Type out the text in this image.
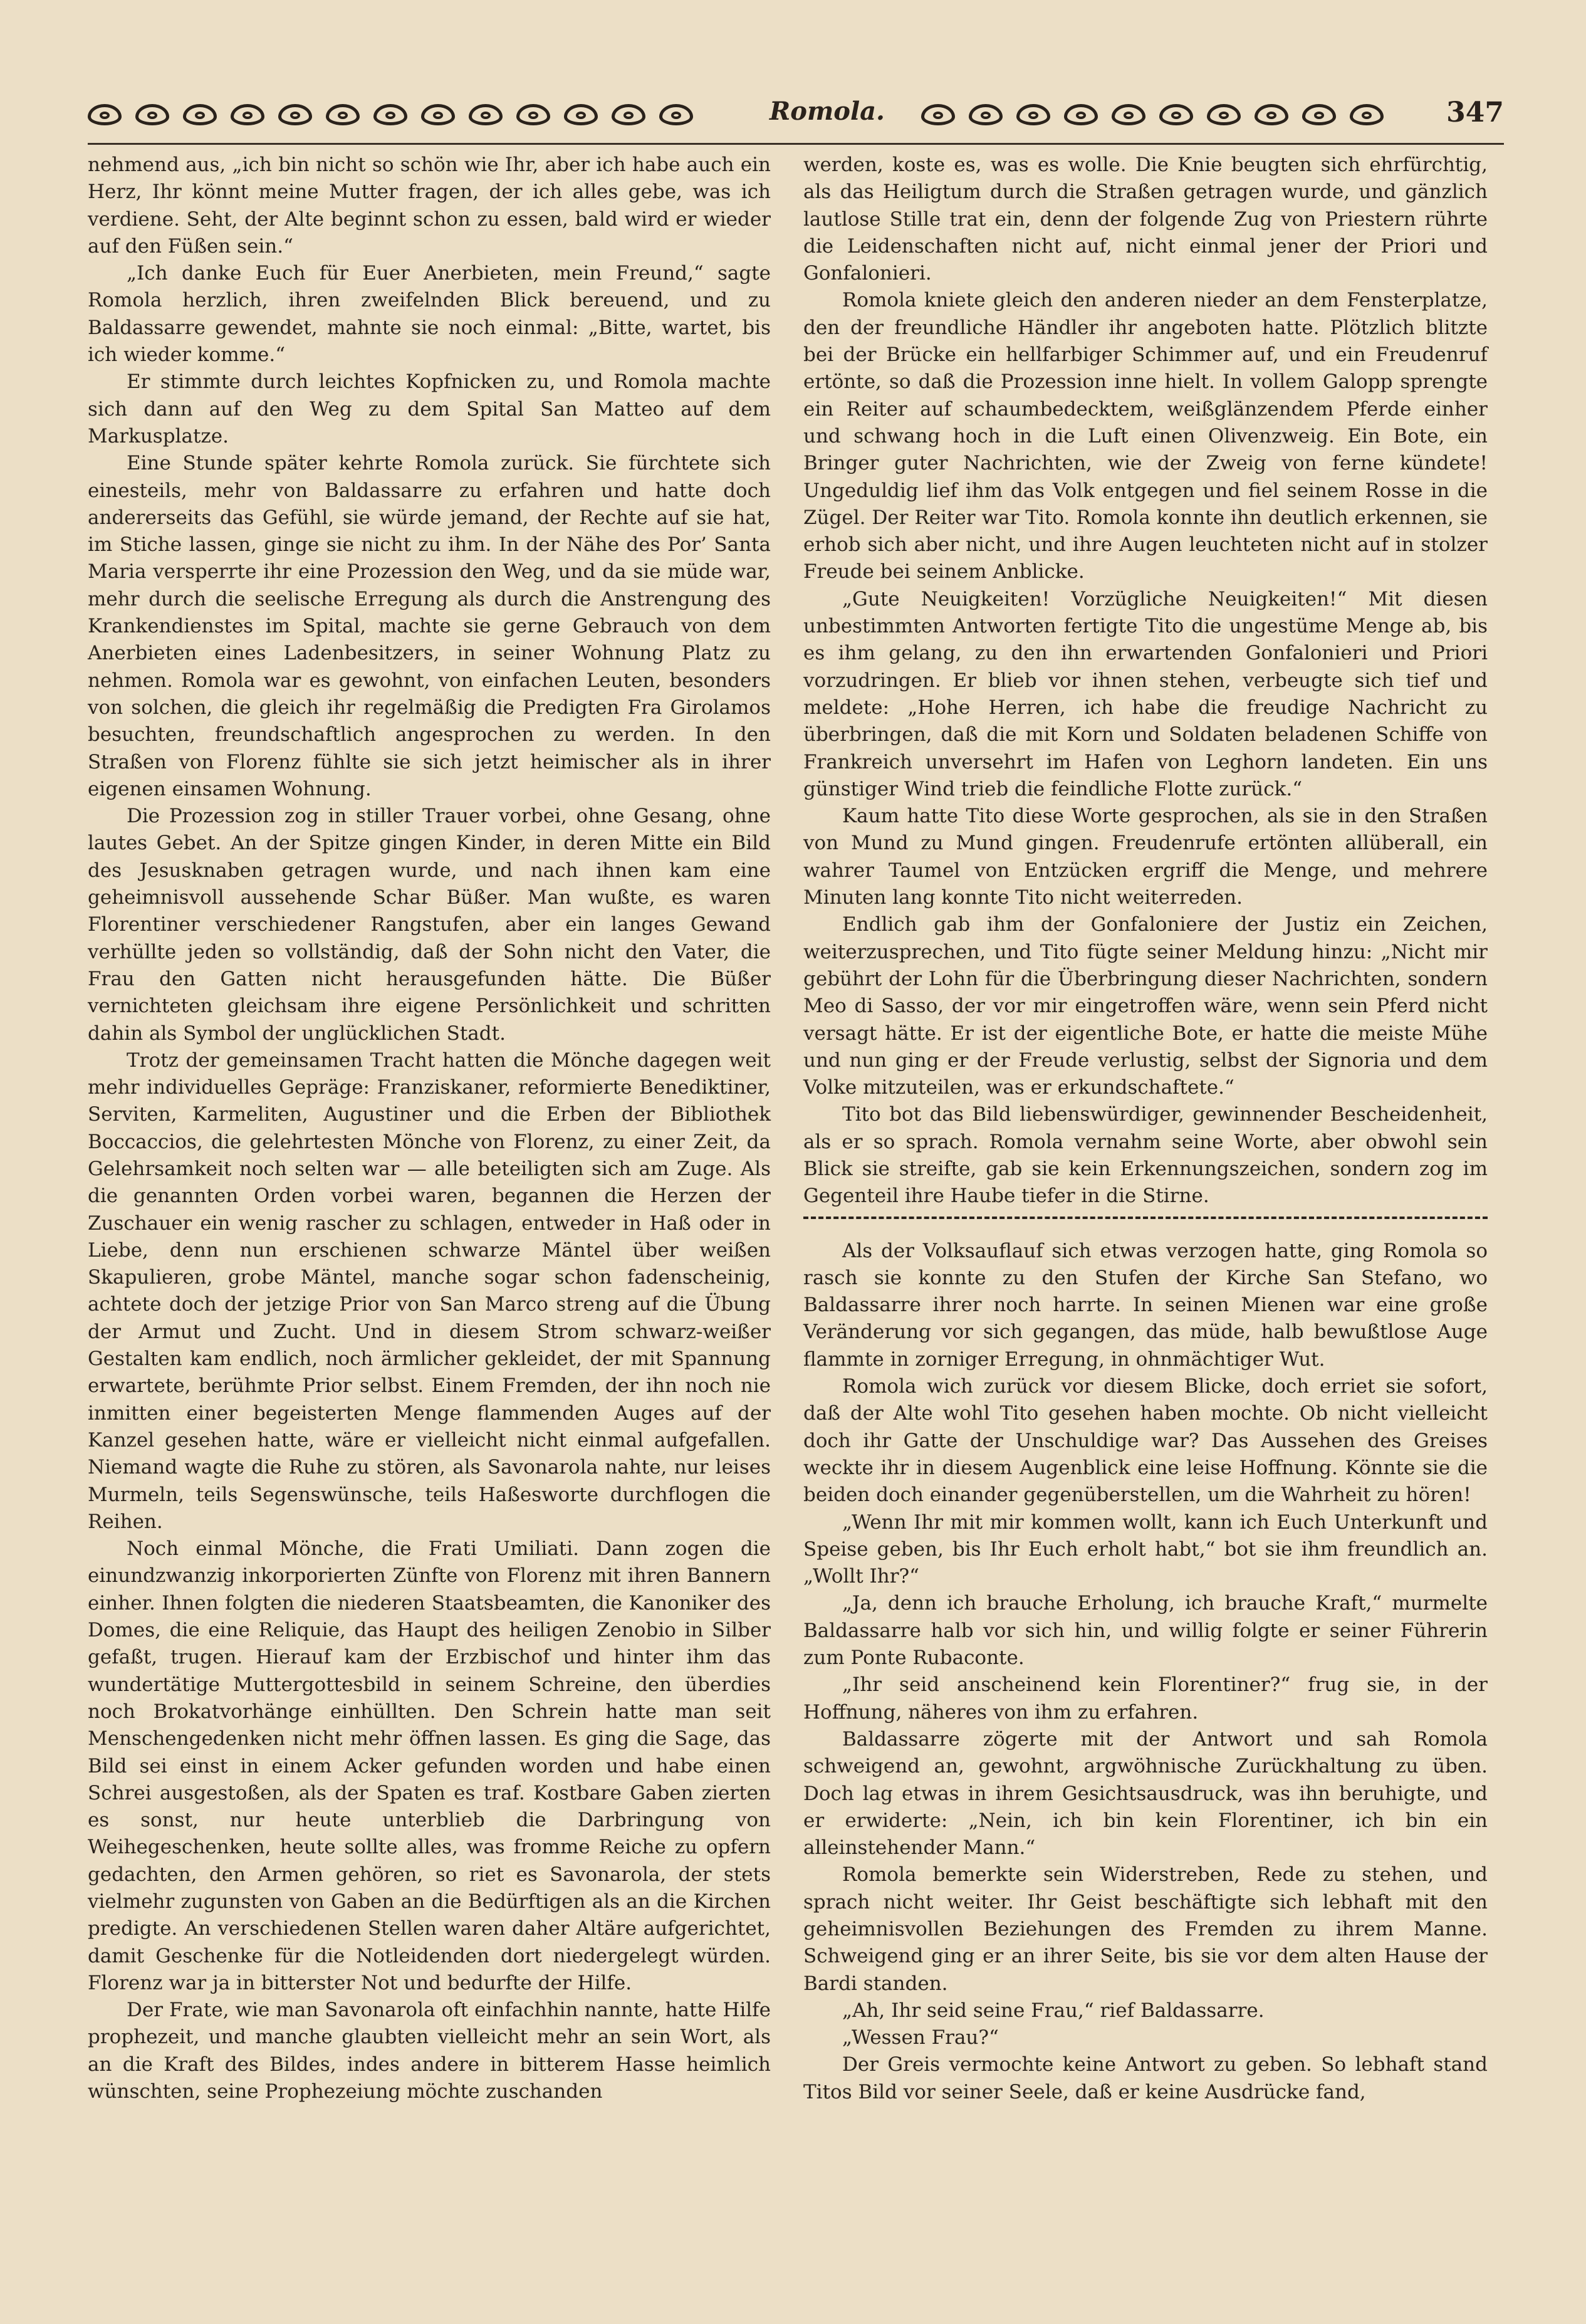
Romola.	347

nehmend aus, „ich bin nicht so schön wie Ihr, aber ich habe auch ein Herz, Ihr könnt meine Mutter fragen, der ich alles gebe, was ich verdiene. Seht, der Alte beginnt schon zu essen, bald wird er wieder auf den Füßen sein.“

„Ich danke Euch für Euer Anerbieten, mein Freund,“ sagte Romola herzlich, ihren zweifelnden Blick bereuend, und zu Baldassarre gewendet, mahnte sie noch einmal: „Bitte, wartet, bis ich wieder komme.“

Er stimmte durch leichtes Kopfnicken zu, und Romola machte sich dann auf den Weg zu dem Spital San Matteo auf dem Markusplatze.

Eine Stunde später kehrte Romola zurück. Sie fürchtete sich einesteils, mehr von Baldassarre zu erfahren und hatte doch andererseits das Gefühl, sie würde jemand, der Rechte auf sie hat, im Stiche lassen, ginge sie nicht zu ihm. In der Nähe des Por’ Santa Maria versperrte ihr eine Prozession den Weg, und da sie müde war, mehr durch die seelische Erregung als durch die Anstrengung des Krankendienstes im Spital, machte sie gerne Gebrauch von dem Anerbieten eines Ladenbesitzers, in seiner Wohnung Platz zu nehmen. Romola war es gewohnt, von einfachen Leuten, besonders von solchen, die gleich ihr regelmäßig die Predigten Fra Girolamos besuchten, freundschaftlich angesprochen zu werden. In den Straßen von Florenz fühlte sie sich jetzt heimischer als in ihrer eigenen einsamen Wohnung.

Die Prozession zog in stiller Trauer vorbei, ohne Gesang, ohne lautes Gebet. An der Spitze gingen Kinder, in deren Mitte ein Bild des Jesusknaben getragen wurde, und nach ihnen kam eine geheimnisvoll aussehende Schar Büßer. Man wußte, es waren Florentiner verschiedener Rangstufen, aber ein langes Gewand verhüllte jeden so vollständig, daß der Sohn nicht den Vater, die Frau den Gatten nicht herausgefunden hätte. Die Büßer vernichteten gleichsam ihre eigene Persönlichkeit und schritten dahin als Symbol der unglücklichen Stadt.

Trotz der gemeinsamen Tracht hatten die Mönche dagegen weit mehr individuelles Gepräge: Franziskaner, reformierte Benediktiner, Serviten, Karmeliten, Augustiner und die Erben der Bibliothek Boccaccios, die gelehrtesten Mönche von Florenz, zu einer Zeit, da Gelehrsamkeit noch selten war — alle beteiligten sich am Zuge. Als die genannten Orden vorbei waren, begannen die Herzen der Zuschauer ein wenig rascher zu schlagen, entweder in Haß oder in Liebe, denn nun erschienen schwarze Mäntel über weißen Skapulieren, grobe Mäntel, manche sogar schon fadenscheinig, achtete doch der jetzige Prior von San Marco streng auf die Übung der Armut und Zucht. Und in diesem Strom schwarz-weißer Gestalten kam endlich, noch ärmlicher gekleidet, der mit Spannung erwartete, berühmte Prior selbst. Einem Fremden, der ihn noch nie inmitten einer begeisterten Menge flammenden Auges auf der Kanzel gesehen hatte, wäre er vielleicht nicht einmal aufgefallen. Niemand wagte die Ruhe zu stören, als Savonarola nahte, nur leises Murmeln, teils Segenswünsche, teils Haßesworte durchflogen die Reihen.

Noch einmal Mönche, die Frati Umiliati. Dann zogen die einundzwanzig inkorporierten Zünfte von Florenz mit ihren Bannern einher. Ihnen folgten die niederen Staatsbeamten, die Kanoniker des Domes, die eine Reliquie, das Haupt des heiligen Zenobio in Silber gefaßt, trugen. Hierauf kam der Erzbischof und hinter ihm das wundertätige Muttergottesbild in seinem Schreine, den überdies noch Brokatvorhänge einhüllten. Den Schrein hatte man seit Menschengedenken nicht mehr öffnen lassen. Es ging die Sage, das Bild sei einst in einem Acker gefunden worden und habe einen Schrei ausgestoßen, als der Spaten es traf. Kostbare Gaben zierten es sonst, nur heute unterblieb die Darbringung von Weihegeschenken, heute sollte alles, was fromme Reiche zu opfern gedachten, den Armen gehören, so riet es Savonarola, der stets vielmehr zugunsten von Gaben an die Bedürftigen als an die Kirchen predigte. An verschiedenen Stellen waren daher Altäre aufgerichtet, damit Geschenke für die Notleidenden dort niedergelegt würden. Florenz war ja in bitterster Not und bedurfte der Hilfe.

Der Frate, wie man Savonarola oft einfachhin nannte, hatte Hilfe prophezeit, und manche glaubten vielleicht mehr an sein Wort, als an die Kraft des Bildes, indes andere in bitterem Hasse heimlich wünschten, seine Prophezeiung möchte zuschanden

werden, koste es, was es wolle. Die Knie beugten sich ehrfürchtig, als das Heiligtum durch die Straßen getragen wurde, und gänzlich lautlose Stille trat ein, denn der folgende Zug von Priestern rührte die Leidenschaften nicht auf, nicht einmal jener der Priori und Gonfalonieri.

Romola kniete gleich den anderen nieder an dem Fensterplatze, den der freundliche Händler ihr angeboten hatte. Plötzlich blitzte bei der Brücke ein hellfarbiger Schimmer auf, und ein Freudenruf ertönte, so daß die Prozession inne hielt. In vollem Galopp sprengte ein Reiter auf schaumbedecktem, weißglänzendem Pferde einher und schwang hoch in die Luft einen Olivenzweig. Ein Bote, ein Bringer guter Nachrichten, wie der Zweig von ferne kündete! Ungeduldig lief ihm das Volk entgegen und fiel seinem Rosse in die Zügel. Der Reiter war Tito. Romola konnte ihn deutlich erkennen, sie erhob sich aber nicht, und ihre Augen leuchteten nicht auf in stolzer Freude bei seinem Anblicke.

„Gute Neuigkeiten! Vorzügliche Neuigkeiten!“ Mit diesen unbestimmten Antworten fertigte Tito die ungestüme Menge ab, bis es ihm gelang, zu den ihn erwartenden Gonfalonieri und Priori vorzudringen. Er blieb vor ihnen stehen, verbeugte sich tief und meldete: „Hohe Herren, ich habe die freudige Nachricht zu überbringen, daß die mit Korn und Soldaten beladenen Schiffe von Frankreich unversehrt im Hafen von Leghorn landeten. Ein uns günstiger Wind trieb die feindliche Flotte zurück.“

Kaum hatte Tito diese Worte gesprochen, als sie in den Straßen von Mund zu Mund gingen. Freudenrufe ertönten allüberall, ein wahrer Taumel von Entzücken ergriff die Menge, und mehrere Minuten lang konnte Tito nicht weiterreden.

Endlich gab ihm der Gonfaloniere der Justiz ein Zeichen, weiterzusprechen, und Tito fügte seiner Meldung hinzu: „Nicht mir gebührt der Lohn für die Überbringung dieser Nachrichten, sondern Meo di Sasso, der vor mir eingetroffen wäre, wenn sein Pferd nicht versagt hätte. Er ist der eigentliche Bote, er hatte die meiste Mühe und nun ging er der Freude verlustig, selbst der Signoria und dem Volke mitzuteilen, was er erkundschaftete.“

Tito bot das Bild liebenswürdiger, gewinnender Bescheidenheit, als er so sprach. Romola vernahm seine Worte, aber obwohl sein Blick sie streifte, gab sie kein Erkennungszeichen, sondern zog im Gegenteil ihre Haube tiefer in die Stirne.

Als der Volksauflauf sich etwas verzogen hatte, ging Romola so rasch sie konnte zu den Stufen der Kirche San Stefano, wo Baldassarre ihrer noch harrte. In seinen Mienen war eine große Veränderung vor sich gegangen, das müde, halb bewußtlose Auge flammte in zorniger Erregung, in ohnmächtiger Wut.

Romola wich zurück vor diesem Blicke, doch erriet sie sofort, daß der Alte wohl Tito gesehen haben mochte. Ob nicht vielleicht doch ihr Gatte der Unschuldige war? Das Aussehen des Greises weckte ihr in diesem Augenblick eine leise Hoffnung. Könnte sie die beiden doch einander gegenüberstellen, um die Wahrheit zu hören!

„Wenn Ihr mit mir kommen wollt, kann ich Euch Unterkunft und Speise geben, bis Ihr Euch erholt habt,“ bot sie ihm freundlich an. „Wollt Ihr?“

„Ja, denn ich brauche Erholung, ich brauche Kraft,“ murmelte Baldassarre halb vor sich hin, und willig folgte er seiner Führerin zum Ponte Rubaconte.

„Ihr seid anscheinend kein Florentiner?“ frug sie, in der Hoffnung, näheres von ihm zu erfahren.

Baldassarre zögerte mit der Antwort und sah Romola schweigend an, gewohnt, argwöhnische Zurückhaltung zu üben. Doch lag etwas in ihrem Gesichtsausdruck, was ihn beruhigte, und er erwiderte: „Nein, ich bin kein Florentiner, ich bin ein alleinstehender Mann.“

Romola bemerkte sein Widerstreben, Rede zu stehen, und sprach nicht weiter. Ihr Geist beschäftigte sich lebhaft mit den geheimnisvollen Beziehungen des Fremden zu ihrem Manne. Schweigend ging er an ihrer Seite, bis sie vor dem alten Hause der Bardi standen.

„Ah, Ihr seid seine Frau,“ rief Baldassarre.

„Wessen Frau?“

Der Greis vermochte keine Antwort zu geben. So lebhaft stand Titos Bild vor seiner Seele, daß er keine Ausdrücke fand,
